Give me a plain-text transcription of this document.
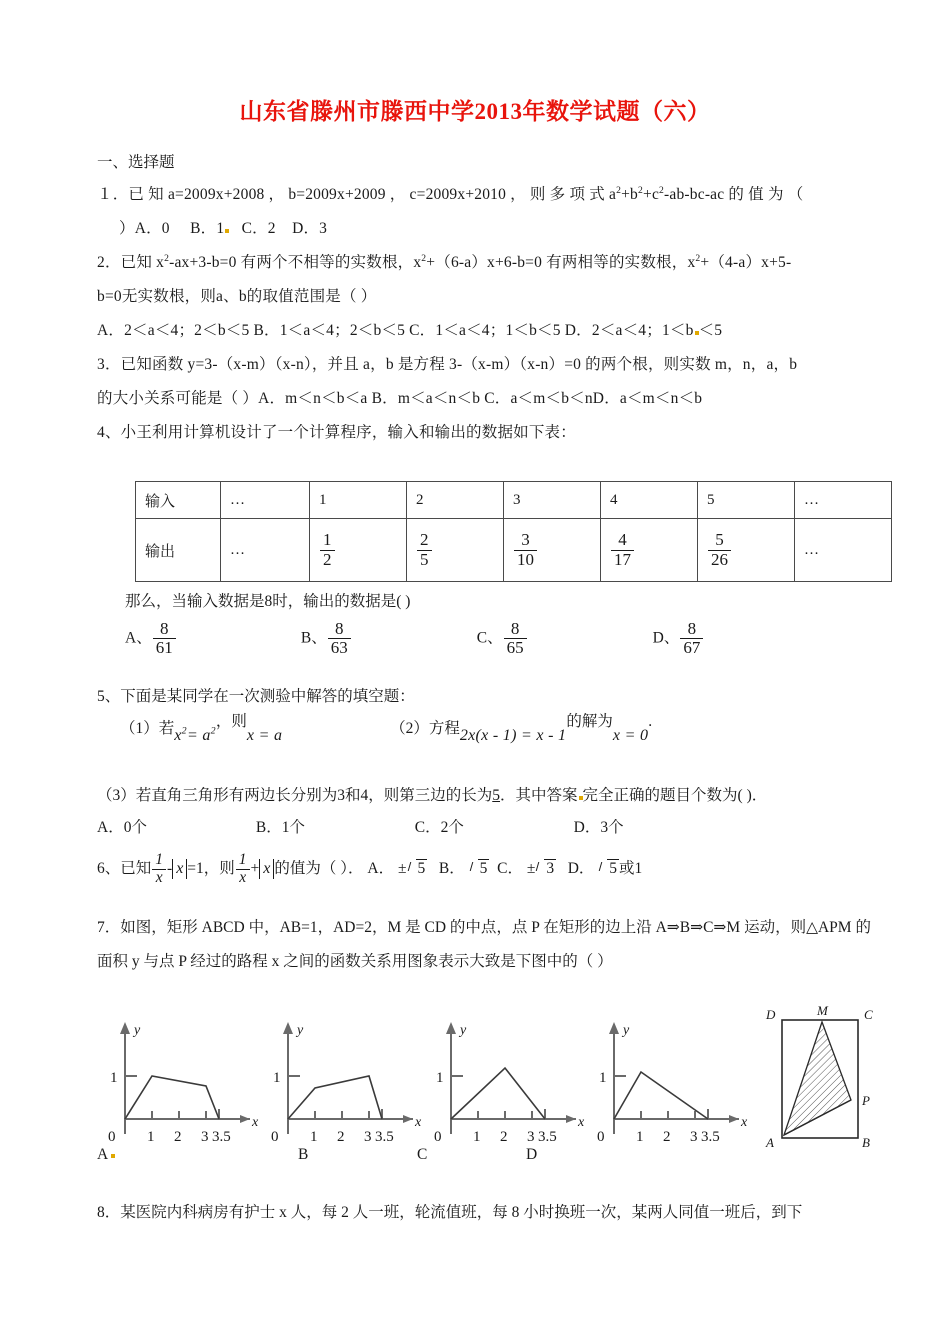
山东省滕州市滕西中学2013年数学试题（六）
一、选择题
１．已 知 a=2009x+2008 ， b=2009x+2009 ， c=2009x+2010 ， 则 多 项 式 $a^2+b^2+c^2-ab-bc-ac$ 的 值 为 （
）A．0 B．1 C．2 D．3
2．已知 $x^2-ax+3-b=0$ 有两个不相等的实数根，$x^2+(6-a)x+6-b=0$ 有两相等的实数根，$x^2+(4-a)x+5-$
b=0无实数根，则a、b的取值范围是（ ）
A．2＜a＜4；2＜b＜5 B．1＜a＜4；2＜b＜5 C．1＜a＜4；1＜b＜5 D．2＜a＜4；1＜b ＜5
3．已知函数 y=3-（x-m）（x-n），并且 a，b 是方程 3-（x-m）（x-n）=0 的两个根，则实数 m，n，a，b
的大小关系可能是（ ）A．m＜n＜b＜a B．m＜a＜n＜b C．a＜m＜b＜nD．a＜m＜n＜b
4、小王利用计算机设计了一个计算程序，输入和输出的数据如下表：
输入	…	1	2	3	4	5	…
输出	…	$\frac{1}{2}$	$\frac{2}{5}$	$\frac{3}{10}$	$\frac{4}{17}$	$\frac{5}{26}$	…
那么，当输入数据是8时，输出的数据是( )
A、 $\frac{8}{61}$	B、 $\frac{8}{63}$	C、 $\frac{8}{65}$	D、 $\frac{8}{67}$
5、下面是某同学在一次测验中解答的填空题：
（1）若$x^2= a^2$，则x = a	（2）方程2x(x - 1) = x - 1的解为x = 0.
（3）若直角三角形有两边长分别为3和4，则第三边的长为5．其中答案 完全正确的题目个数为( )．
A．0个	B．1个	C．2个	D．3个
6、已知 $\frac{1}{x} - x =1$，则 $\frac{1}{x} + x$ 的值为（ ）． A． ± 5 B． 5 C． ± 3 D． 5 或1
7．如图，矩形 ABCD 中，AB=1，AD=2，M 是 CD 的中点，点 P 在矩形的边上沿 A⇒B⇒C⇒M 运动，则△APM 的
面积 y 与点 P 经过的路程 x 之间的函数关系用图象表示大致是下图中的（ ）
y
x
1
0 1 2 3 3.5
y
x
1
0 1 2 3 3.5
y
x
1
0 1 2 3 3.5
y
x
1
0 1 2 3 3.5
D	M	C
A	B
P
A	B	C	D
8．某医院内科病房有护士 x 人，每 2 人一班，轮流值班，每 8 小时换班一次，某两人同值一班后，到下
